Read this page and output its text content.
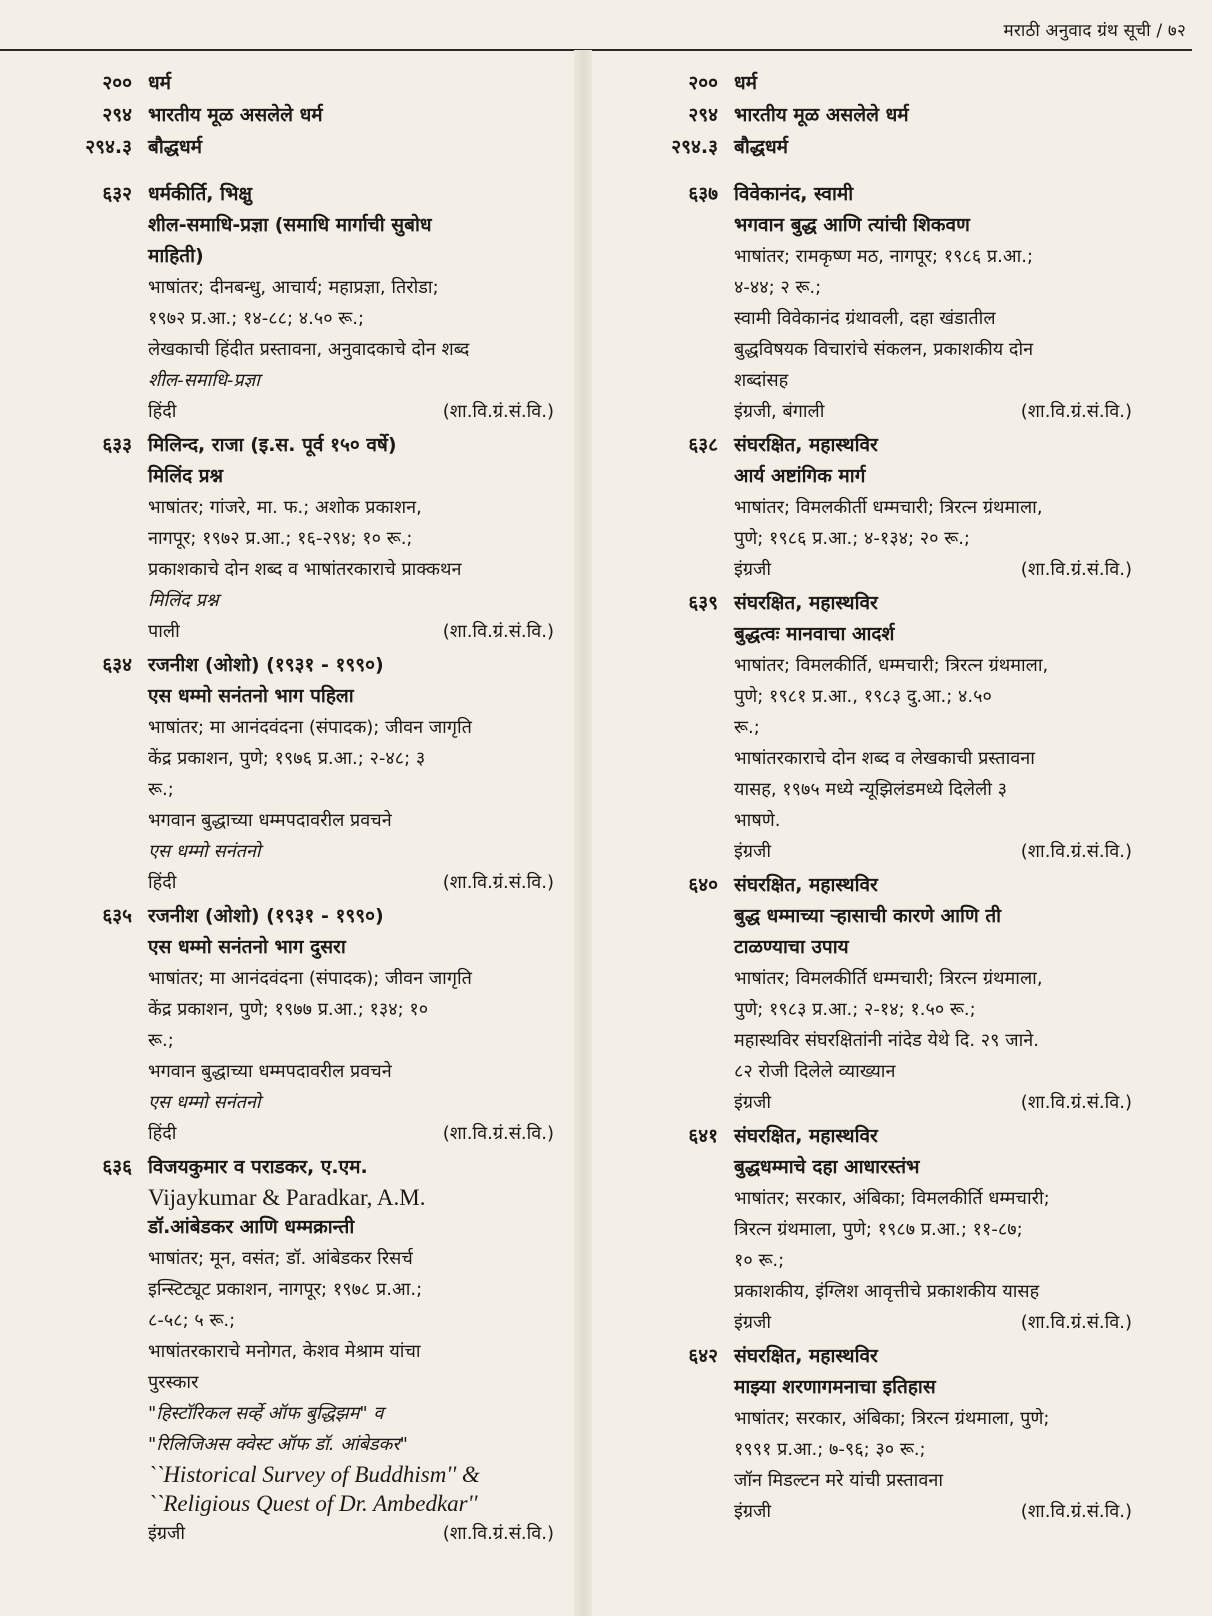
मराठी अनुवाद ग्रंथ सूची / ७२
२०० धर्म
२९४ भारतीय मूळ असलेले धर्म
२९४.३ बौद्धधर्म
६३२ धर्मकीर्ति, भिक्षु
शील-समाधि-प्रज्ञा (समाधि मार्गाची सुबोध
माहिती)
भाषांतर; दीनबन्धु, आचार्य; महाप्रज्ञा, तिरोडा;
१९७२ प्र.आ.; १४-८८; ४.५० रू.;
लेखकाची हिंदीत प्रस्तावना, अनुवादकाचे दोन शब्द
शील-समाधि-प्रज्ञा
हिंदी	(शा.वि.ग्रं.सं.वि.)
६३३ मिलिन्द, राजा (इ.स. पूर्व १५० वर्षे)
मिलिंद प्रश्न
भाषांतर; गांजरे, मा. फ.; अशोक प्रकाशन,
नागपूर; १९७२ प्र.आ.; १६-२९४; १० रू.;
प्रकाशकाचे दोन शब्द व भाषांतरकाराचे प्राक्कथन
मिलिंद प्रश्न
पाली	(शा.वि.ग्रं.सं.वि.)
६३४ रजनीश (ओशो) (१९३१ - १९९०)
एस धम्मो सनंतनो भाग पहिला
भाषांतर; मा आनंदवंदना (संपादक); जीवन जागृति
केंद्र प्रकाशन, पुणे; १९७६ प्र.आ.; २-४८; ३
रू.;
भगवान बुद्धाच्या धम्मपदावरील प्रवचने
एस धम्मो सनंतनो
हिंदी	(शा.वि.ग्रं.सं.वि.)
६३५ रजनीश (ओशो) (१९३१ - १९९०)
एस धम्मो सनंतनो भाग दुसरा
भाषांतर; मा आनंदवंदना (संपादक); जीवन जागृति
केंद्र प्रकाशन, पुणे; १९७७ प्र.आ.; १३४; १०
रू.;
भगवान बुद्धाच्या धम्मपदावरील प्रवचने
एस धम्मो सनंतनो
हिंदी	(शा.वि.ग्रं.सं.वि.)
६३६ विजयकुमार व पराडकर, ए.एम.
Vijaykumar & Paradkar, A.M.
डॉ.आंबेडकर आणि धम्मक्रान्ती
भाषांतर; मून, वसंत; डॉ. आंबेडकर रिसर्च
इन्स्टिट्यूट प्रकाशन, नागपूर; १९७८ प्र.आ.;
८-५८; ५ रू.;
भाषांतरकाराचे मनोगत, केशव मेश्राम यांचा
पुरस्कार
"हिस्टॉरिकल सर्व्हे ऑफ बुद्धिझम" व
"रिलिजिअस क्वेस्ट ऑफ डॉ. आंबेडकर"
``Historical Survey of Buddhism'' &
``Religious Quest of Dr. Ambedkar''
इंग्रजी	(शा.वि.ग्रं.सं.वि.)
२०० धर्म
२९४ भारतीय मूळ असलेले धर्म
२९४.३ बौद्धधर्म
६३७ विवेकानंद, स्वामी
भगवान बुद्ध आणि त्यांची शिकवण
भाषांतर; रामकृष्ण मठ, नागपूर; १९८६ प्र.आ.;
४-४४; २ रू.;
स्वामी विवेकानंद ग्रंथावली, दहा खंडातील
बुद्धविषयक विचारांचे संकलन, प्रकाशकीय दोन
शब्दांसह
इंग्रजी, बंगाली	(शा.वि.ग्रं.सं.वि.)
६३८ संघरक्षित, महास्थविर
आर्य अष्टांगिक मार्ग
भाषांतर; विमलकीर्ती धम्मचारी; त्रिरत्न ग्रंथमाला,
पुणे; १९८६ प्र.आ.; ४-१३४; २० रू.;
इंग्रजी	(शा.वि.ग्रं.सं.वि.)
६३९ संघरक्षित, महास्थविर
बुद्धत्वः मानवाचा आदर्श
भाषांतर; विमलकीर्ति, धम्मचारी; त्रिरत्न ग्रंथमाला,
पुणे; १९८१ प्र.आ., १९८३ दु.आ.; ४.५०
रू.;
भाषांतरकाराचे दोन शब्द व लेखकाची प्रस्तावना
यासह, १९७५ मध्ये न्यूझिलंडमध्ये दिलेली ३
भाषणे.
इंग्रजी	(शा.वि.ग्रं.सं.वि.)
६४० संघरक्षित, महास्थविर
बुद्ध धम्माच्या ऱ्हासाची कारणे आणि ती
टाळण्याचा उपाय
भाषांतर; विमलकीर्ति धम्मचारी; त्रिरत्न ग्रंथमाला,
पुणे; १९८३ प्र.आ.; २-१४; १.५० रू.;
महास्थविर संघरक्षितांनी नांदेड येथे दि. २९ जाने.
८२ रोजी दिलेले व्याख्यान
इंग्रजी	(शा.वि.ग्रं.सं.वि.)
६४१ संघरक्षित, महास्थविर
बुद्धधम्माचे दहा आधारस्तंभ
भाषांतर; सरकार, अंबिका; विमलकीर्ति धम्मचारी;
त्रिरत्न ग्रंथमाला, पुणे; १९८७ प्र.आ.; ११-८७;
१० रू.;
प्रकाशकीय, इंग्लिश आवृत्तीचे प्रकाशकीय यासह
इंग्रजी	(शा.वि.ग्रं.सं.वि.)
६४२ संघरक्षित, महास्थविर
माझ्या शरणागमनाचा इतिहास
भाषांतर; सरकार, अंबिका; त्रिरत्न ग्रंथमाला, पुणे;
१९९१ प्र.आ.; ७-९६; ३० रू.;
जॉन मिडल्टन मरे यांची प्रस्तावना
इंग्रजी	(शा.वि.ग्रं.सं.वि.)
